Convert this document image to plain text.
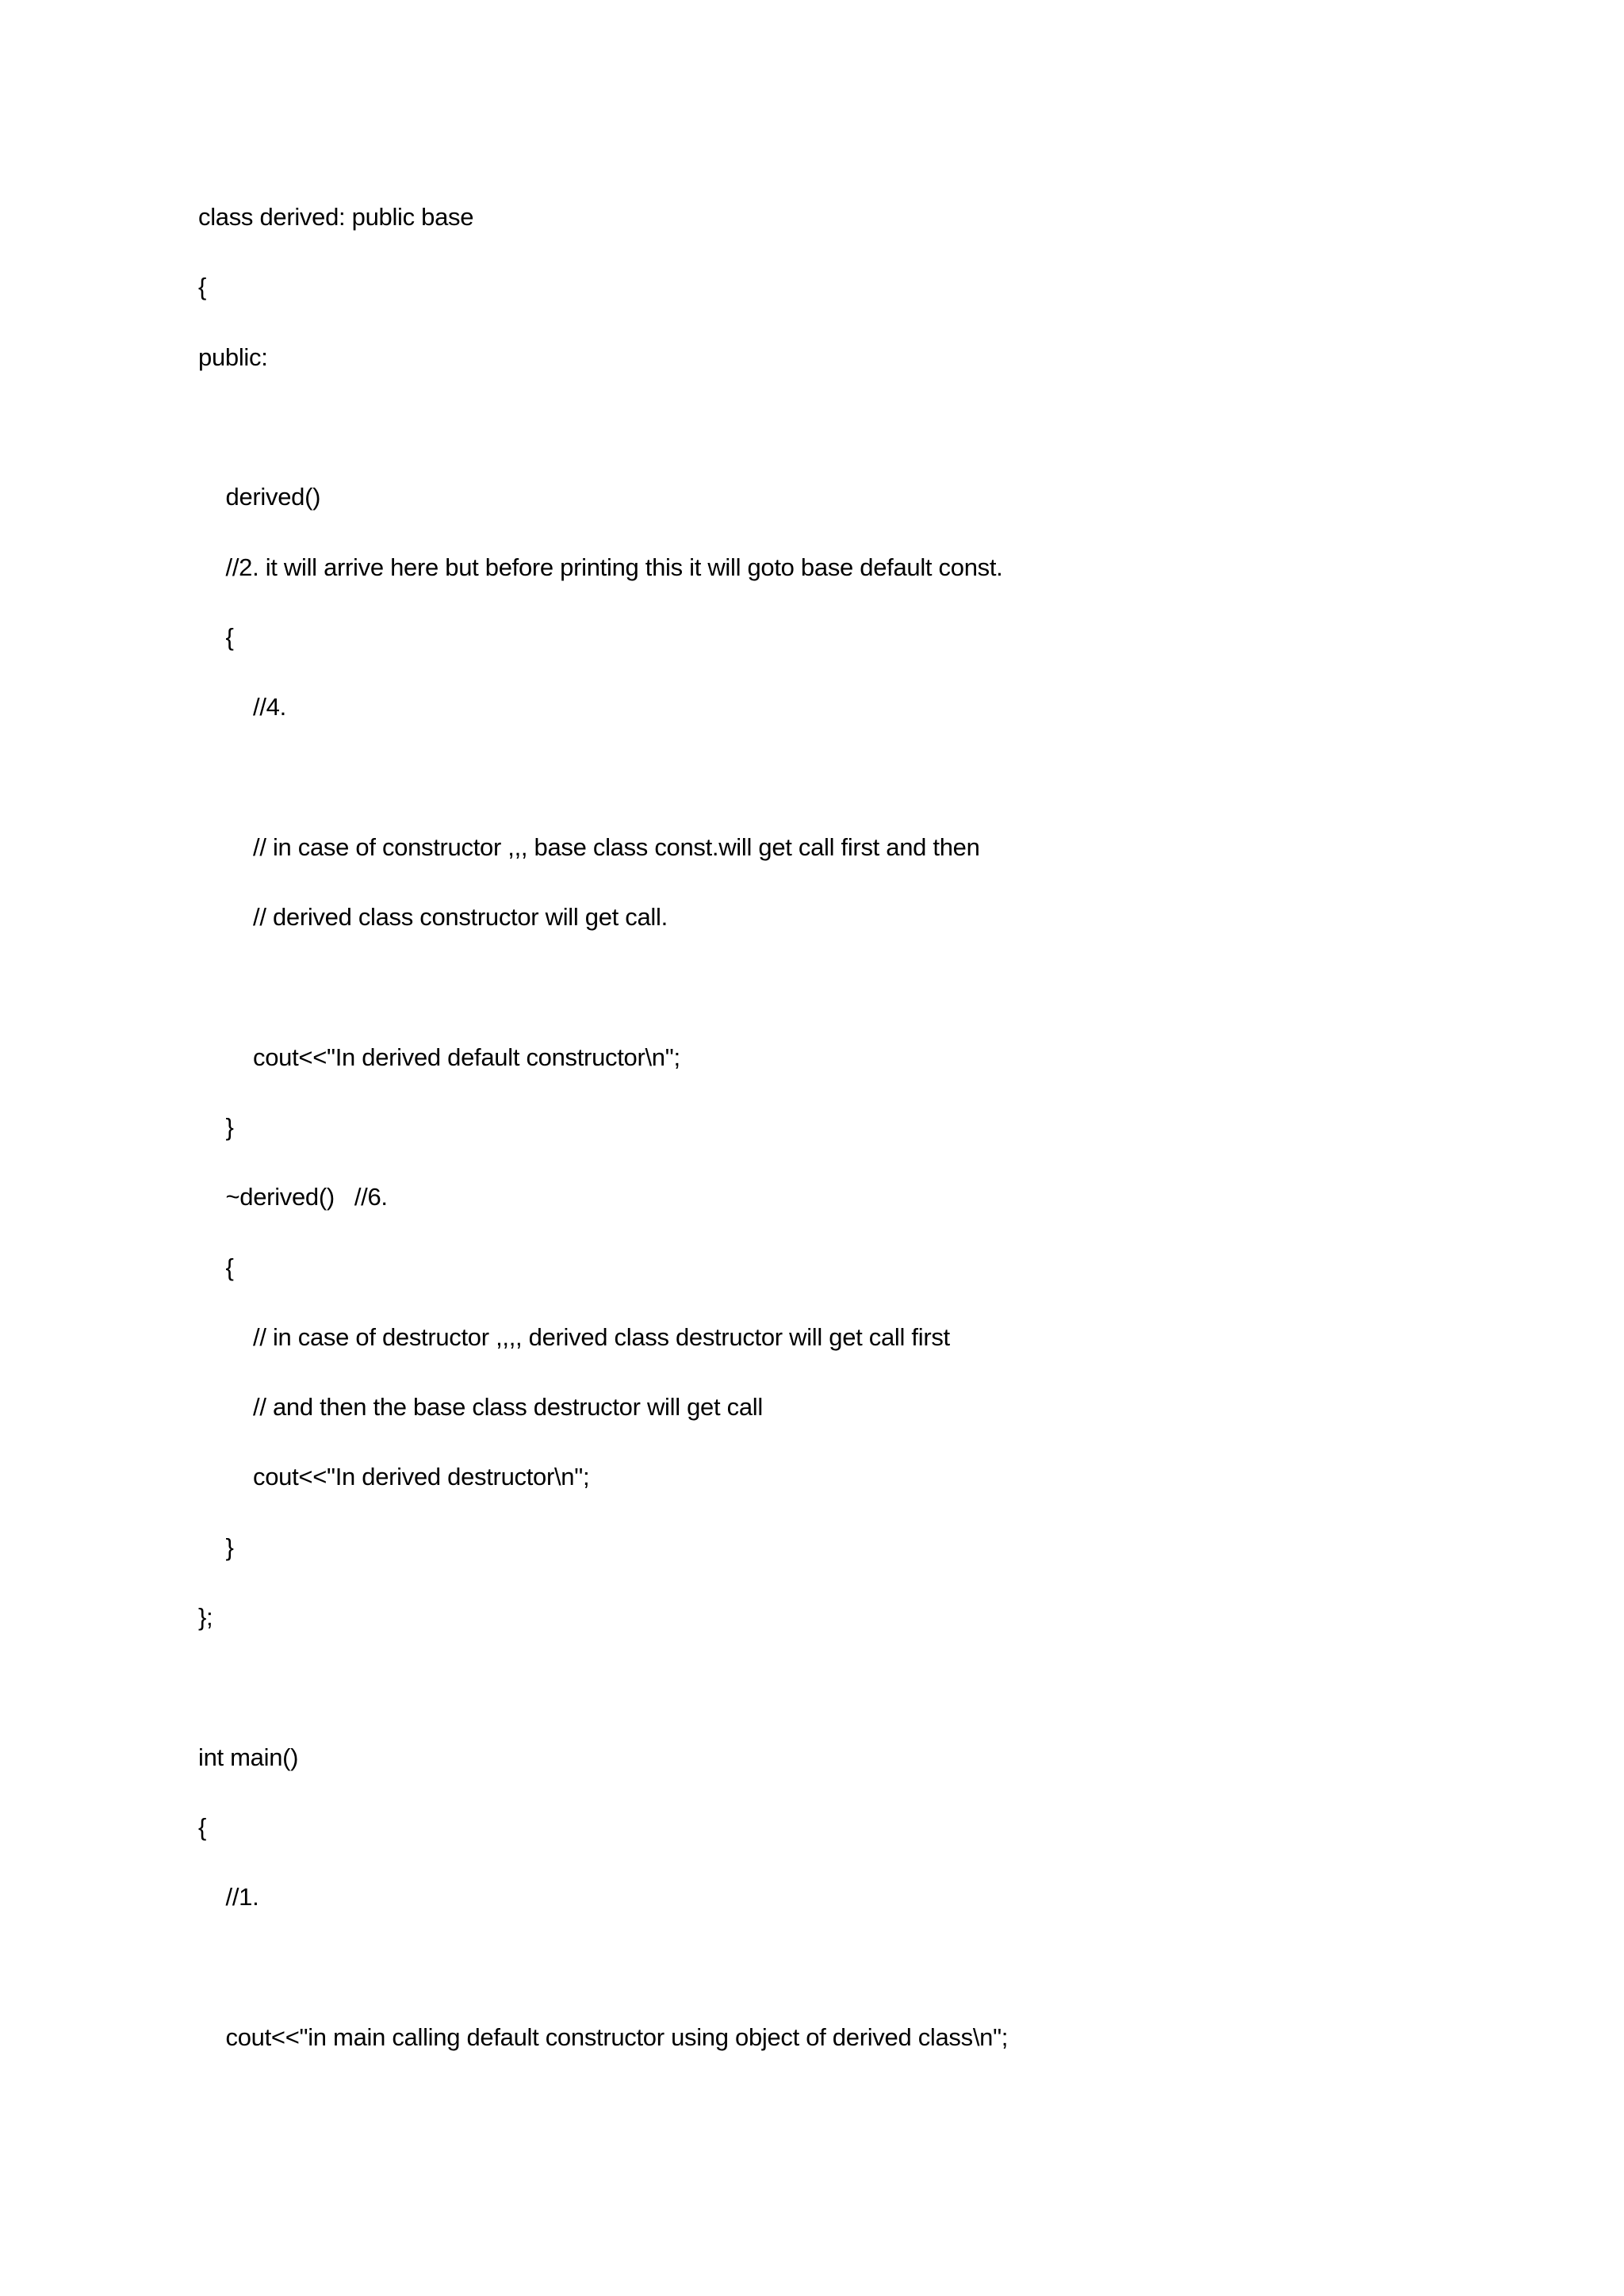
class derived: public base
{
public:
derived()
//2. it will arrive here but before printing this it will goto base default const.
{
//4.
// in case of constructor ,,, base class const.will get call first and then
// derived class constructor will get call.
cout<<"In derived default constructor\n";
}
~derived()   //6.
{
// in case of destructor ,,,, derived class destructor will get call first
// and then the base class destructor will get call
cout<<"In derived destructor\n";
}
};
int main()
{
//1.
cout<<"in main calling default constructor using object of derived class\n";
